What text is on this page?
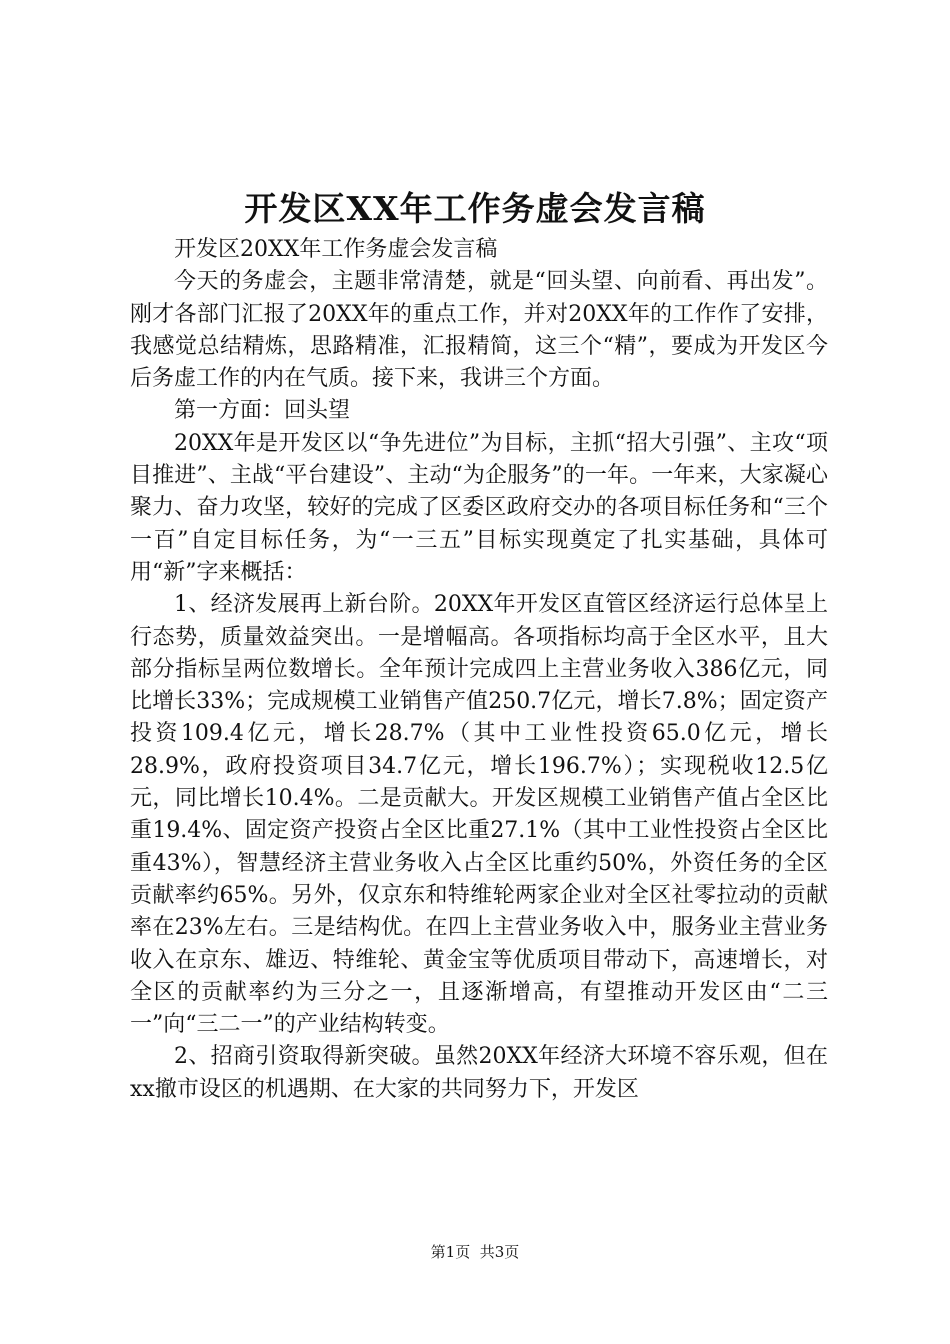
开发区XX年工作务虚会发言稿

开发区20XX年工作务虚会发言稿

今天的务虚会，主题非常清楚，就是“回头望、向前看、再出发”。刚才各部门汇报了20XX年的重点工作，并对20XX年的工作作了安排，我感觉总结精炼，思路精准，汇报精简，这三个“精”，要成为开发区今后务虚工作的内在气质。接下来，我讲三个方面。

第一方面：回头望

20XX年是开发区以“争先进位”为目标，主抓“招大引强”、主攻“项目推进”、主战“平台建设”、主动“为企服务”的一年。一年来，大家凝心聚力、奋力攻坚，较好的完成了区委区政府交办的各项目标任务和“三个一百”自定目标任务，为“一三五”目标实现奠定了扎实基础，具体可用“新”字来概括：

1、经济发展再上新台阶。20XX年开发区直管区经济运行总体呈上行态势，质量效益突出。一是增幅高。各项指标均高于全区水平，且大部分指标呈两位数增长。全年预计完成四上主营业务收入386亿元，同比增长33%；完成规模工业销售产值250.7亿元，增长7.8%；固定资产投资109.4亿元，增长28.7%（其中工业性投资65.0亿元，增长28.9%，政府投资项目34.7亿元，增长196.7%）；实现税收12.5亿元，同比增长10.4%。二是贡献大。开发区规模工业销售产值占全区比重19.4%、固定资产投资占全区比重27.1%（其中工业性投资占全区比重43%），智慧经济主营业务收入占全区比重约50%，外资任务的全区贡献率约65%。另外，仅京东和特维轮两家企业对全区社零拉动的贡献率在23%左右。三是结构优。在四上主营业务收入中，服务业主营业务收入在京东、雄迈、特维轮、黄金宝等优质项目带动下，高速增长，对全区的贡献率约为三分之一，且逐渐增高，有望推动开发区由“二三一”向“三二一”的产业结构转变。

2、招商引资取得新突破。虽然20XX年经济大环境不容乐观，但在xx撤市设区的机遇期、在大家的共同努力下，开发区

第1页 共3页
